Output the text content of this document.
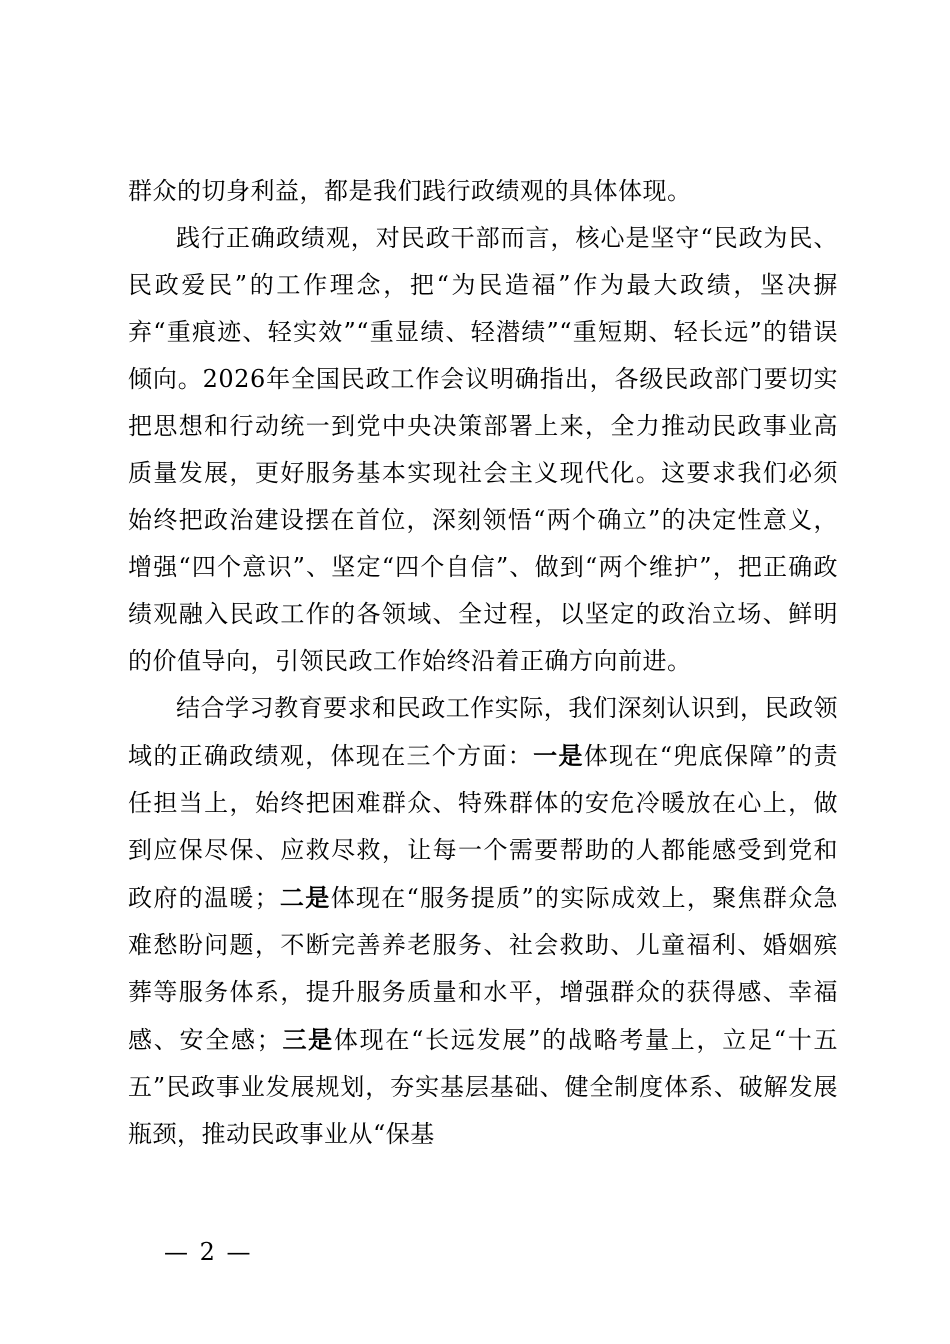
群众的切身利益，都是我们践行政绩观的具体体现。

践行正确政绩观，对民政干部而言，核心是坚守“民政为民、民政爱民”的工作理念，把“为民造福”作为最大政绩，坚决摒弃“重痕迹、轻实效”“重显绩、轻潜绩”“重短期、轻长远”的错误倾向。2026年全国民政工作会议明确指出，各级民政部门要切实把思想和行动统一到党中央决策部署上来，全力推动民政事业高质量发展，更好服务基本实现社会主义现代化。这要求我们必须始终把政治建设摆在首位，深刻领悟“两个确立”的决定性意义，增强“四个意识”、坚定“四个自信”、做到“两个维护”，把正确政绩观融入民政工作的各领域、全过程，以坚定的政治立场、鲜明的价值导向，引领民政工作始终沿着正确方向前进。

结合学习教育要求和民政工作实际，我们深刻认识到，民政领域的正确政绩观，体现在三个方面：一是体现在“兜底保障”的责任担当上，始终把困难群众、特殊群体的安危冷暖放在心上，做到应保尽保、应救尽救，让每一个需要帮助的人都能感受到党和政府的温暖；二是体现在“服务提质”的实际成效上，聚焦群众急难愁盼问题，不断完善养老服务、社会救助、儿童福利、婚姻殡葬等服务体系，提升服务质量和水平，增强群众的获得感、幸福感、安全感；三是体现在“长远发展”的战略考量上，立足“十五五”民政事业发展规划，夯实基层基础、健全制度体系、破解发展瓶颈，推动民政事业从“保基

— 2 —
